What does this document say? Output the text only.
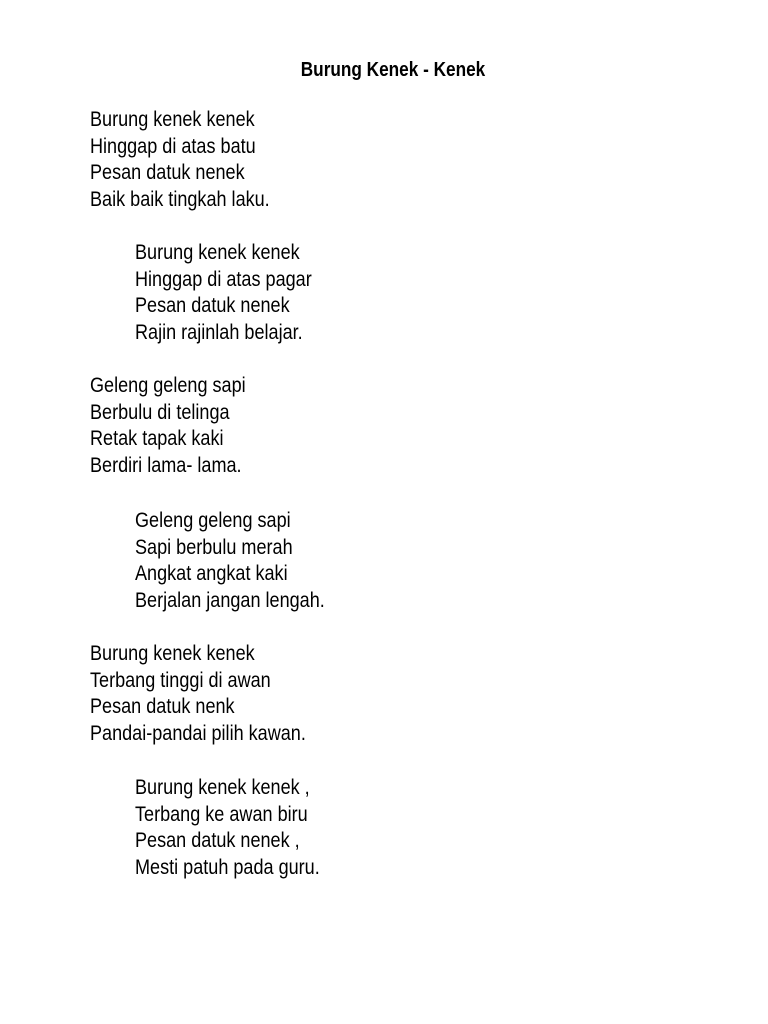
Burung Kenek - Kenek
Burung kenek kenek
Hinggap di atas batu
Pesan datuk nenek
Baik baik tingkah laku.
Burung kenek kenek
Hinggap di atas pagar
Pesan datuk nenek
Rajin rajinlah belajar.
Geleng geleng sapi
Berbulu di telinga
Retak tapak kaki
Berdiri lama- lama.
Geleng geleng sapi
Sapi berbulu merah
Angkat angkat kaki
Berjalan jangan lengah.
Burung kenek kenek
Terbang tinggi di awan
Pesan datuk nenk
Pandai-pandai pilih kawan.
Burung kenek kenek ,
Terbang ke awan biru
Pesan datuk nenek ,
Mesti patuh pada guru.
